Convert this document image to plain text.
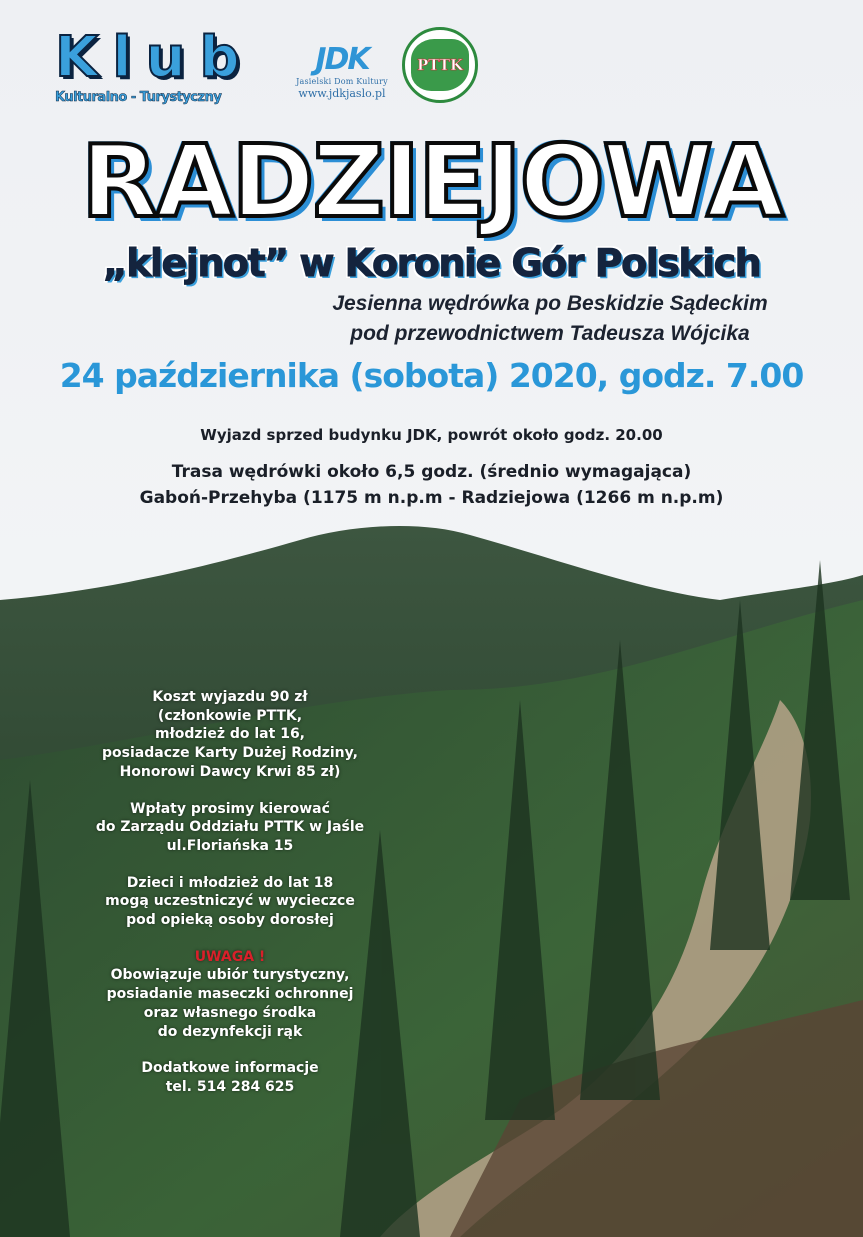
Klub
Kulturalno - Turystyczny
JDK
Jasielski Dom Kultury
www.jdkjaslo.pl
PTTK
RADZIEJOWA
„klejnot” w Koronie Gór Polskich
Jesienna wędrówka po Beskidzie Sądeckim
pod przewodnictwem Tadeusza Wójcika
24 października (sobota) 2020, godz. 7.00
Wyjazd sprzed budynku JDK, powrót około godz. 20.00
Trasa wędrówki około 6,5 godz. (średnio wymagająca)
Gaboń-Przehyba (1175 m n.p.m - Radziejowa (1266 m n.p.m)
Koszt wyjazdu 90 zł
(członkowie PTTK,
młodzież do lat 16,
posiadacze Karty Dużej Rodziny,
Honorowi Dawcy Krwi 85 zł)
Wpłaty prosimy kierować
do Zarządu Oddziału PTTK w Jaśle
ul.Floriańska 15
Dzieci i młodzież do lat 18
mogą uczestniczyć w wycieczce
pod opieką osoby dorosłej
UWAGA !
Obowiązuje ubiór turystyczny,
posiadanie maseczki ochronnej
oraz własnego środka
do dezynfekcji rąk
Dodatkowe informacje
tel. 514 284 625
